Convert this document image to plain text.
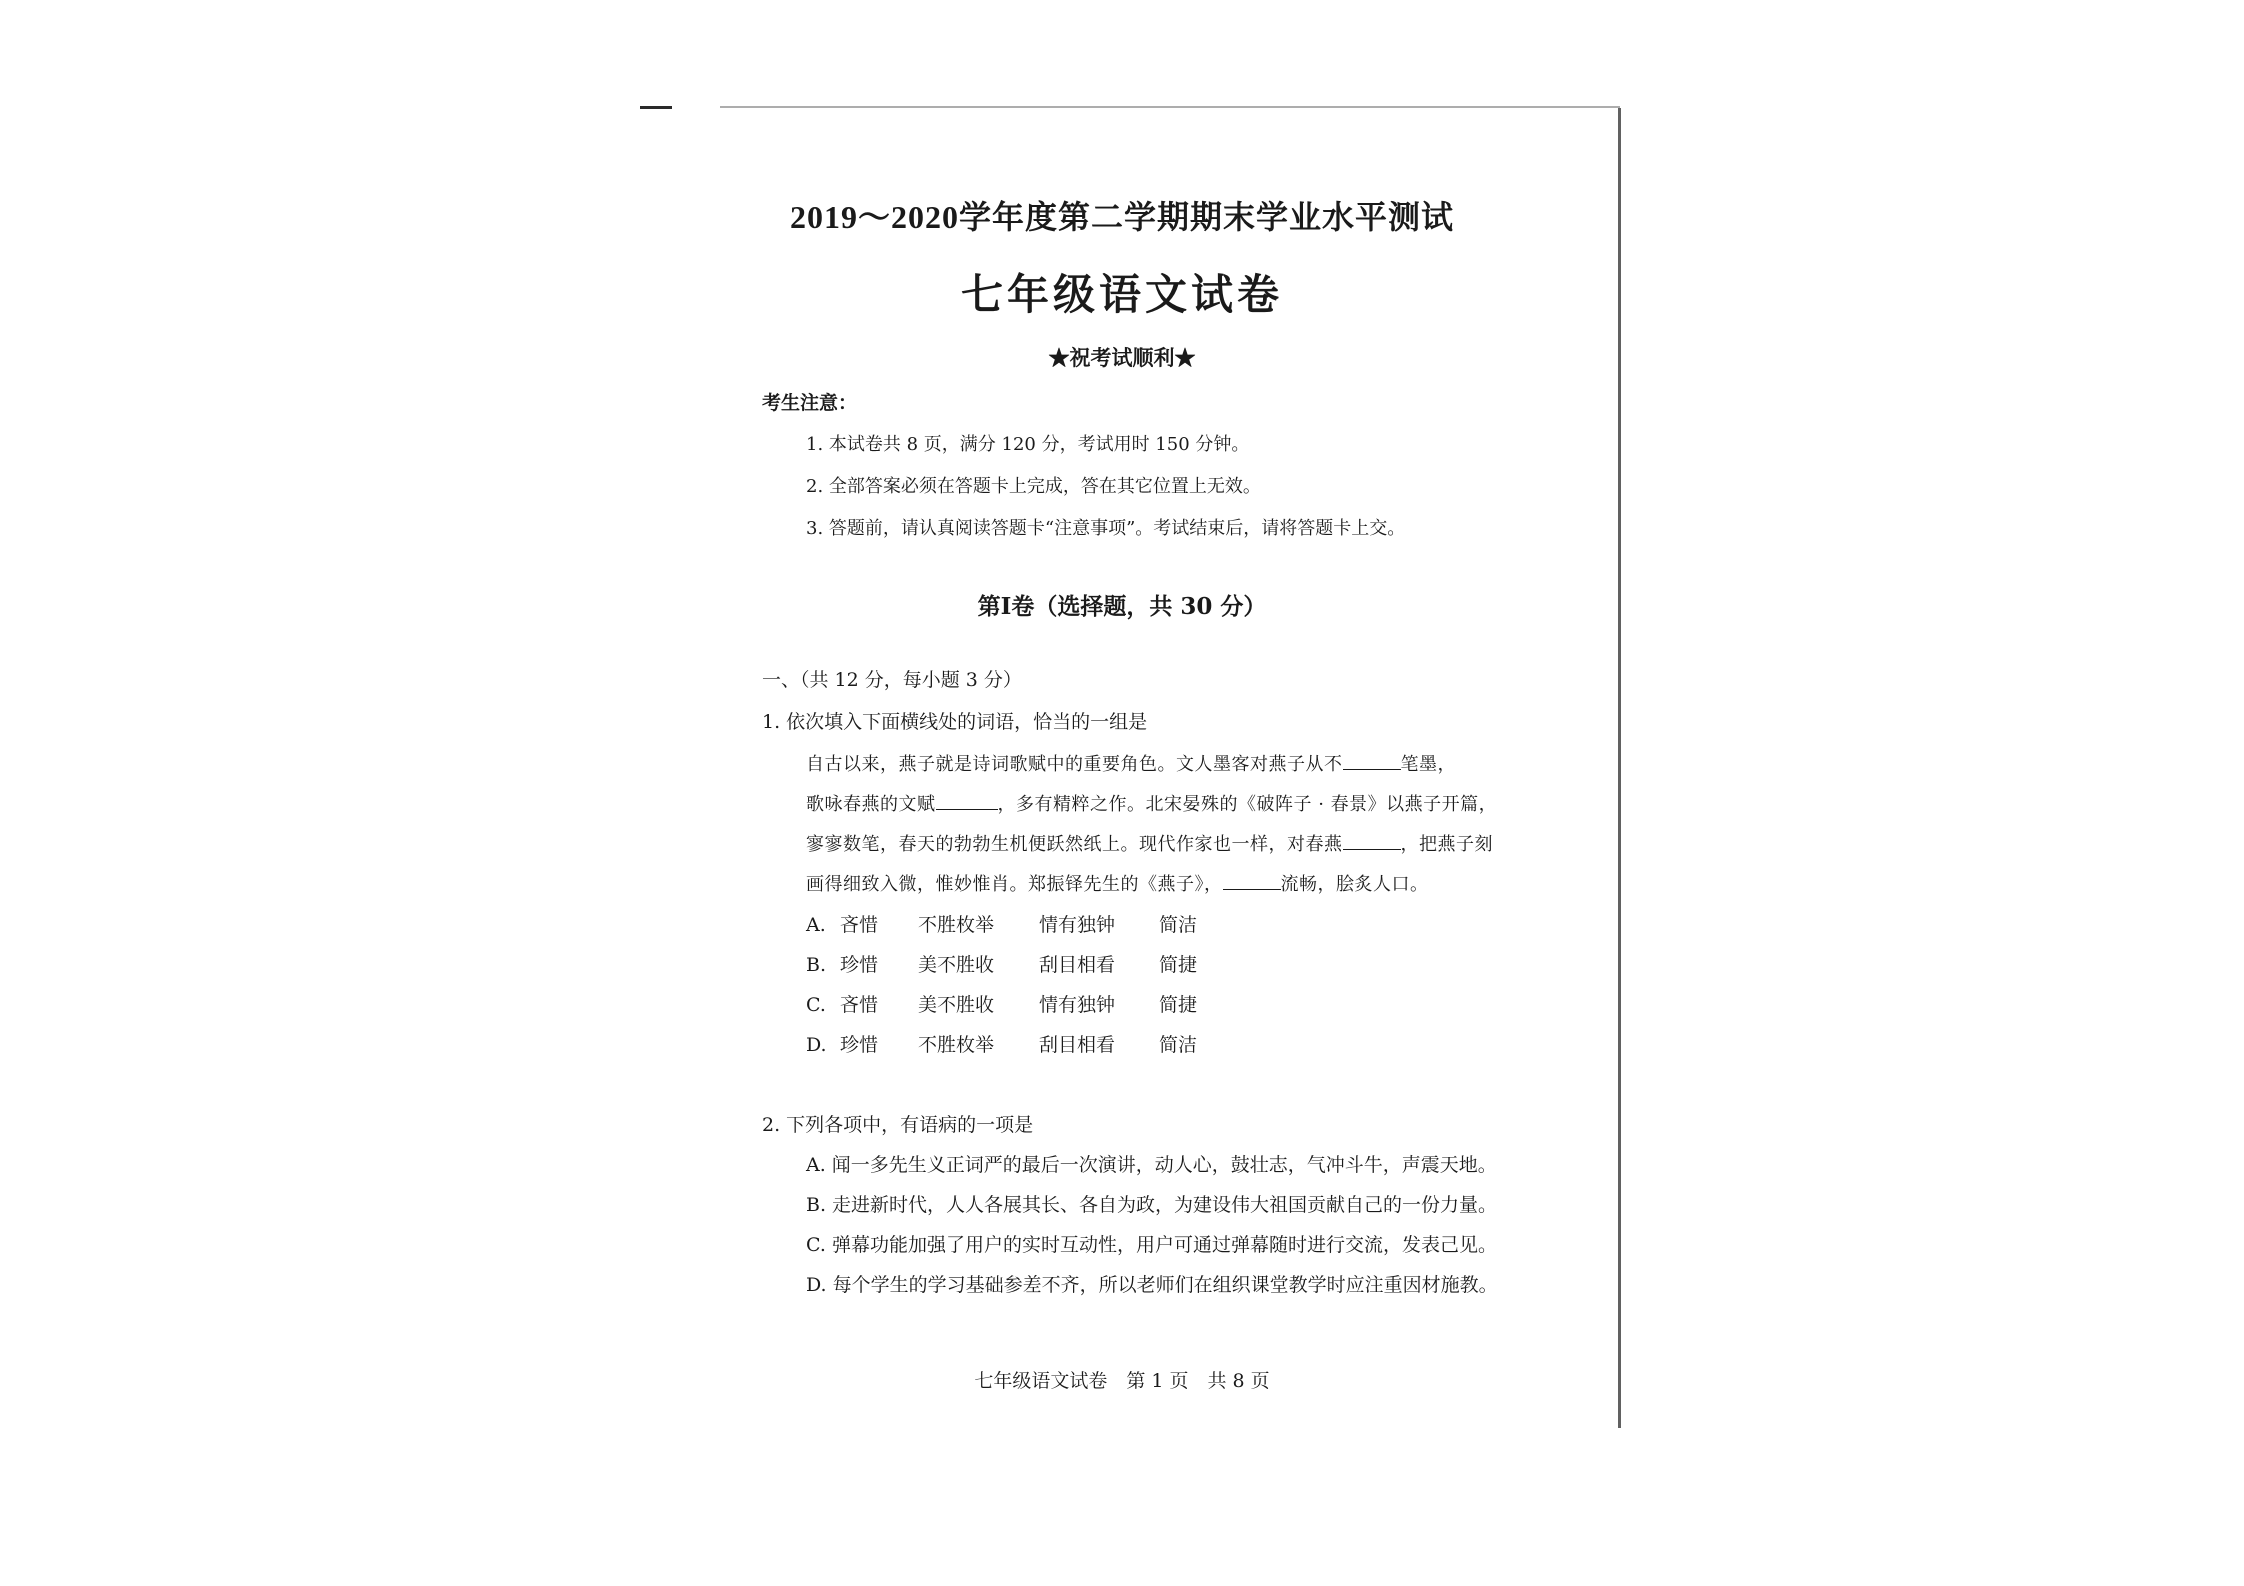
2019～2020学年度第二学期期末学业水平测试
七年级语文试卷
★祝考试顺利★
考生注意：
1. 本试卷共 8 页，满分 120 分，考试用时 150 分钟。
2. 全部答案必须在答题卡上完成，答在其它位置上无效。
3. 答题前，请认真阅读答题卡“注意事项”。考试结束后，请将答题卡上交。
第Ⅰ卷（选择题，共 30 分）
一、（共 12 分，每小题 3 分）
1. 依次填入下面横线处的词语，恰当的一组是
自古以来，燕子就是诗词歌赋中的重要角色。文人墨客对燕子从不	笔墨，
歌咏春燕的文赋	，多有精粹之作。北宋晏殊的《破阵子 · 春景》以燕子开篇，
寥寥数笔，春天的勃勃生机便跃然纸上。现代作家也一样，对春燕	，把燕子刻
画得细致入微，惟妙惟肖。郑振铎先生的《燕子》，	流畅，脍炙人口。
A. 吝惜 不胜枚举 情有独钟 简洁
B. 珍惜 美不胜收 刮目相看 简捷
C. 吝惜 美不胜收 情有独钟 简捷
D. 珍惜 不胜枚举 刮目相看 简洁
2. 下列各项中，有语病的一项是
A. 闻一多先生义正词严的最后一次演讲，动人心，鼓壮志，气冲斗牛，声震天地。
B. 走进新时代，人人各展其长、各自为政，为建设伟大祖国贡献自己的一份力量。
C. 弹幕功能加强了用户的实时互动性，用户可通过弹幕随时进行交流，发表己见。
D. 每个学生的学习基础参差不齐，所以老师们在组织课堂教学时应注重因材施教。
七年级语文试卷　第 1 页　共 8 页
